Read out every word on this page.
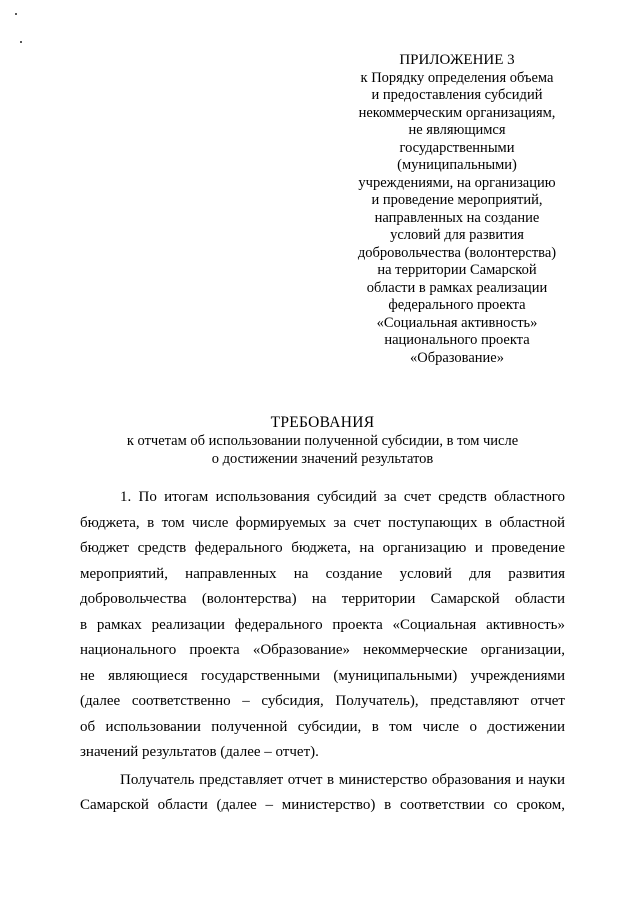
ПРИЛОЖЕНИЕ 3
к Порядку определения объема
и предоставления субсидий
некоммерческим организациям,
не являющимся
государственными
(муниципальными)
учреждениями, на организацию
и проведение мероприятий,
направленных на создание
условий для развития
добровольчества (волонтерства)
на территории Самарской
области в рамках реализации
федерального проекта
«Социальная активность»
национального проекта
«Образование»
ТРЕБОВАНИЯ
к отчетам об использовании полученной субсидии, в том числе
о достижении значений результатов
1. По итогам использования субсидий за счет средств областного
бюджета, в том числе формируемых за счет поступающих в областной
бюджет средств федерального бюджета, на организацию и проведение
мероприятий, направленных на создание условий для развития
добровольчества (волонтерства) на территории Самарской области
в рамках реализации федерального проекта «Социальная активность»
национального проекта «Образование» некоммерческие организации,
не являющиеся государственными (муниципальными) учреждениями
(далее соответственно – субсидия, Получатель), представляют отчет
об использовании полученной субсидии, в том числе о достижении
значений результатов (далее – отчет).
Получатель представляет отчет в министерство образования и науки
Самарской области (далее – министерство) в соответствии со сроком,
